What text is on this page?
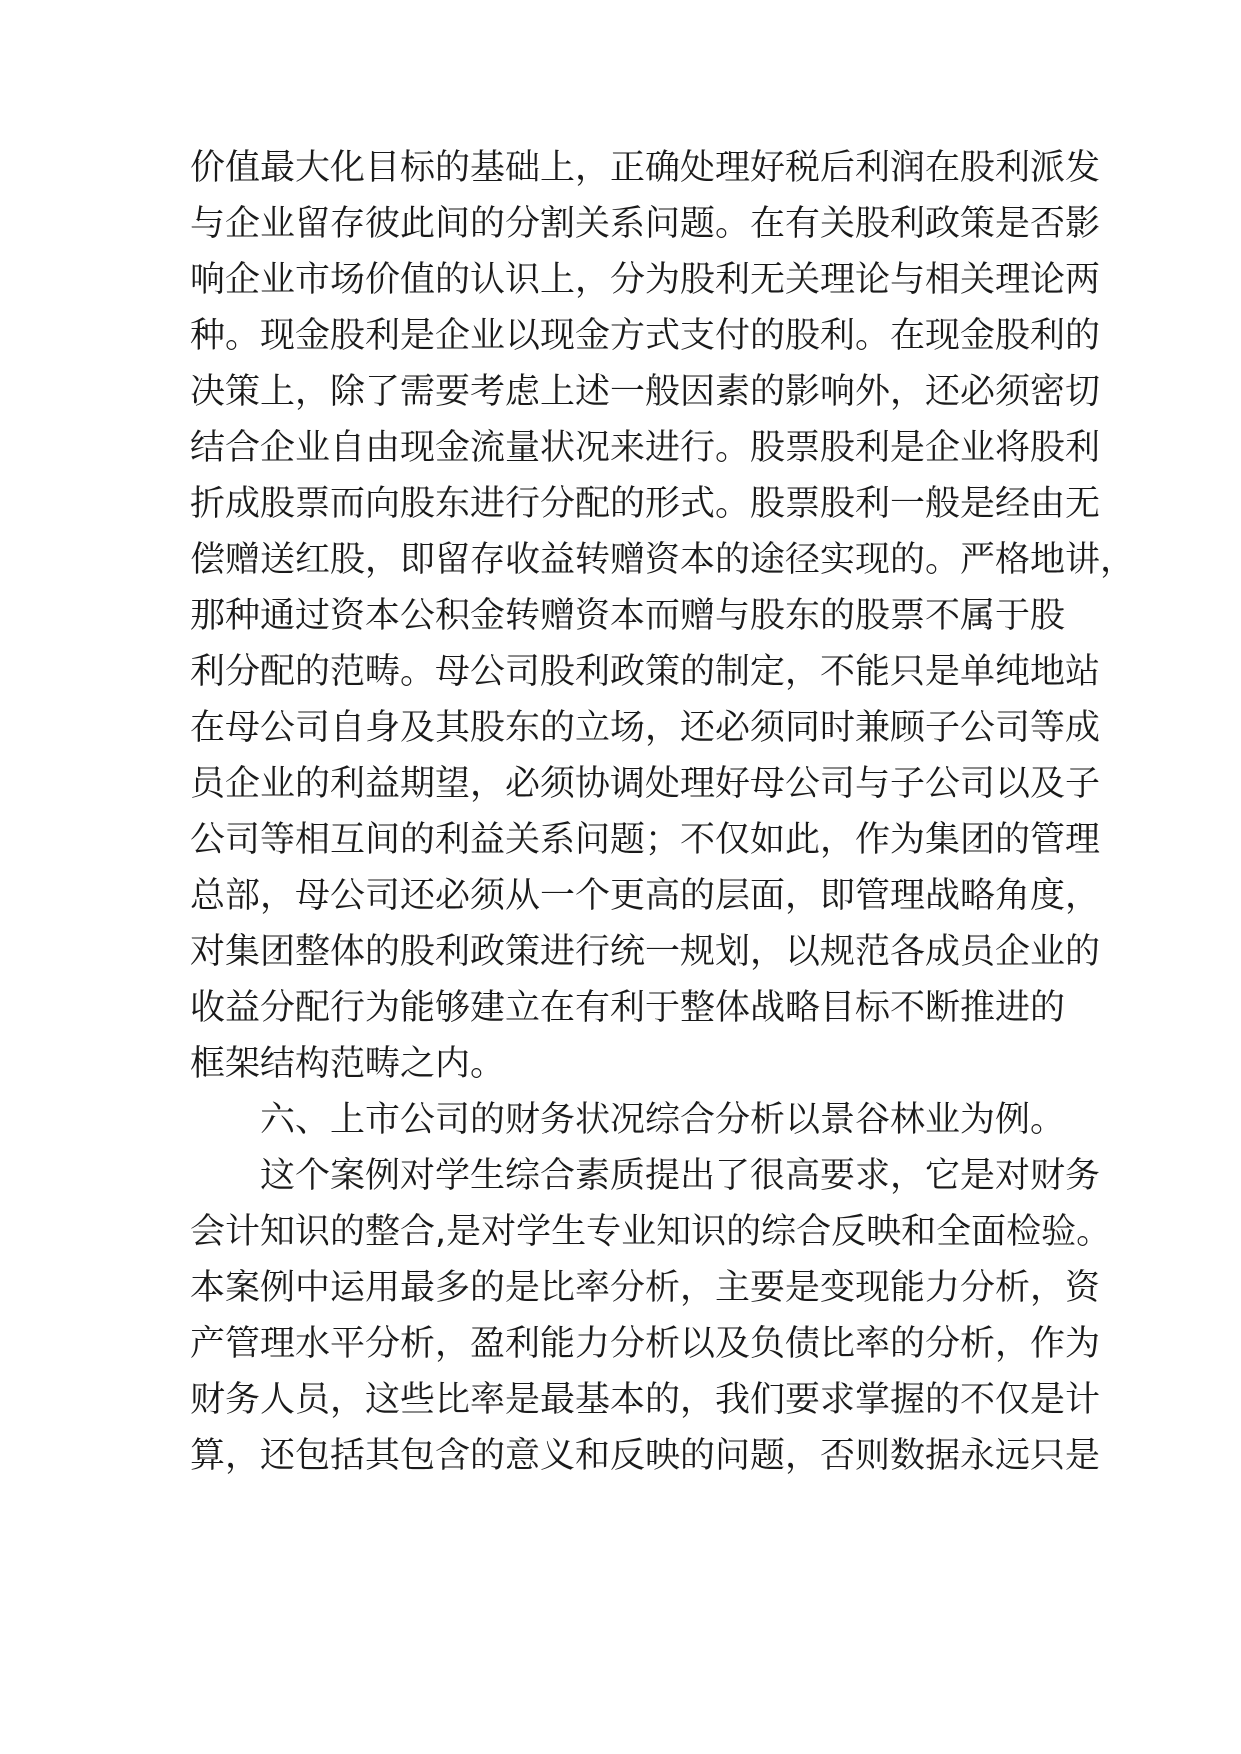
价值最大化目标的基础上，正确处理好税后利润在股利派发
与企业留存彼此间的分割关系问题。在有关股利政策是否影
响企业市场价值的认识上，分为股利无关理论与相关理论两
种。现金股利是企业以现金方式支付的股利。在现金股利的
决策上，除了需要考虑上述一般因素的影响外，还必须密切
结合企业自由现金流量状况来进行。股票股利是企业将股利
折成股票而向股东进行分配的形式。股票股利一般是经由无
偿赠送红股，即留存收益转赠资本的途径实现的。严格地讲，
那种通过资本公积金转赠资本而赠与股东的股票不属于股
利分配的范畴。母公司股利政策的制定，不能只是单纯地站
在母公司自身及其股东的立场，还必须同时兼顾子公司等成
员企业的利益期望，必须协调处理好母公司与子公司以及子
公司等相互间的利益关系问题；不仅如此，作为集团的管理
总部，母公司还必须从一个更高的层面，即管理战略角度，
对集团整体的股利政策进行统一规划，以规范各成员企业的
收益分配行为能够建立在有利于整体战略目标不断推进的
框架结构范畴之内。
六、上市公司的财务状况综合分析以景谷林业为例。
这个案例对学生综合素质提出了很高要求，它是对财务
会计知识的整合,是对学生专业知识的综合反映和全面检验。
本案例中运用最多的是比率分析，主要是变现能力分析，资
产管理水平分析，盈利能力分析以及负债比率的分析，作为
财务人员，这些比率是最基本的，我们要求掌握的不仅是计
算，还包括其包含的意义和反映的问题，否则数据永远只是
